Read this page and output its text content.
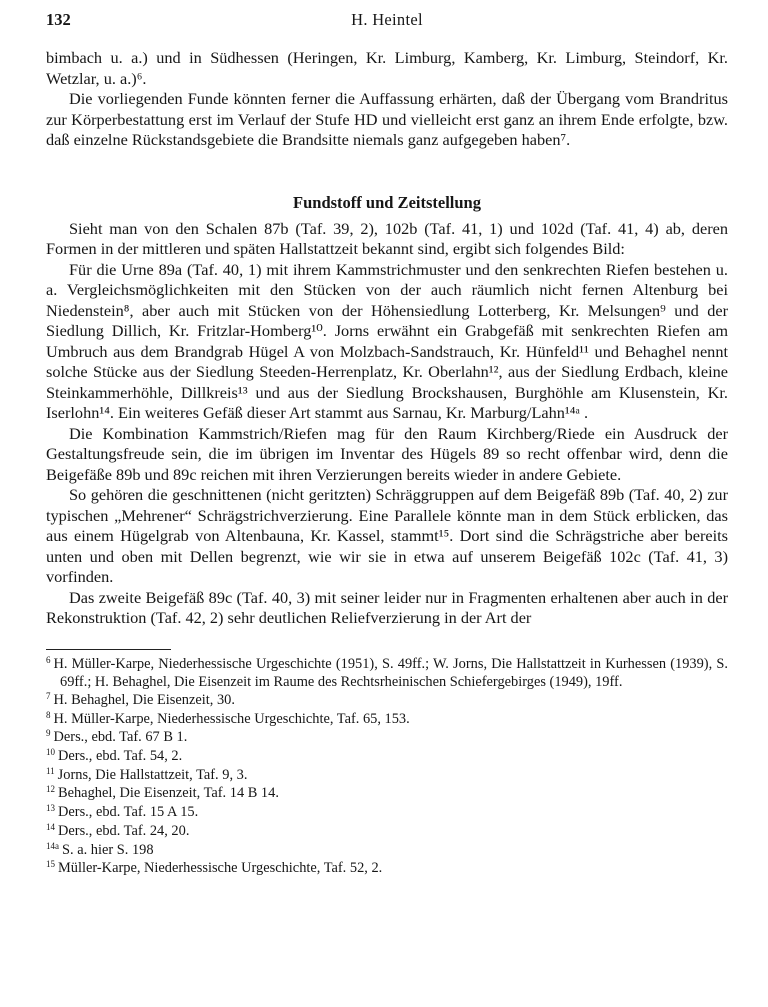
132	H. Heintel

bimbach u. a.) und in Südhessen (Heringen, Kr. Limburg, Kamberg, Kr. Limburg, Steindorf, Kr. Wetzlar, u. a.)⁶.

Die vorliegenden Funde könnten ferner die Auffassung erhärten, daß der Übergang vom Brandritus zur Körperbestattung erst im Verlauf der Stufe HD und vielleicht erst ganz an ihrem Ende erfolgte, bzw. daß einzelne Rückstandsgebiete die Brandsitte niemals ganz aufgegeben haben⁷.

Fundstoff und Zeitstellung

Sieht man von den Schalen 87b (Taf. 39, 2), 102b (Taf. 41, 1) und 102d (Taf. 41, 4) ab, deren Formen in der mittleren und späten Hallstattzeit bekannt sind, ergibt sich folgendes Bild:

Für die Urne 89a (Taf. 40, 1) mit ihrem Kammstrichmuster und den senkrechten Riefen bestehen u. a. Vergleichsmöglichkeiten mit den Stücken von der auch räumlich nicht fernen Altenburg bei Niedenstein⁸, aber auch mit Stücken von der Höhensiedlung Lotterberg, Kr. Melsungen⁹ und der Siedlung Dillich, Kr. Fritzlar-Homberg¹⁰. Jorns erwähnt ein Grabgefäß mit senkrechten Riefen am Umbruch aus dem Brandgrab Hügel A von Molzbach-Sandstrauch, Kr. Hünfeld¹¹ und Behaghel nennt solche Stücke aus der Siedlung Steeden-Herrenplatz, Kr. Oberlahn¹², aus der Siedlung Erdbach, kleine Steinkammerhöhle, Dillkreis¹³ und aus der Siedlung Brockshausen, Burghöhle am Klusenstein, Kr. Iserlohn¹⁴. Ein weiteres Gefäß dieser Art stammt aus Sarnau, Kr. Marburg/Lahn¹⁴ᵃ .

Die Kombination Kammstrich/Riefen mag für den Raum Kirchberg/Riede ein Ausdruck der Gestaltungsfreude sein, die im übrigen im Inventar des Hügels 89 so recht offenbar wird, denn die Beigefäße 89b und 89c reichen mit ihren Verzierungen bereits wieder in andere Gebiete.

So gehören die geschnittenen (nicht geritzten) Schräggruppen auf dem Beigefäß 89b (Taf. 40, 2) zur typischen „Mehrener“ Schrägstrichverzierung. Eine Parallele könnte man in dem Stück erblicken, das aus einem Hügelgrab von Altenbauna, Kr. Kassel, stammt¹⁵. Dort sind die Schrägstriche aber bereits unten und oben mit Dellen begrenzt, wie wir sie in etwa auf unserem Beigefäß 102c (Taf. 41, 3) vorfinden.

Das zweite Beigefäß 89c (Taf. 40, 3) mit seiner leider nur in Fragmenten erhaltenen aber auch in der Rekonstruktion (Taf. 42, 2) sehr deutlichen Reliefverzierung in der Art der

$^6$ H. Müller-Karpe, Niederhessische Urgeschichte (1951), S. 49ff.; W. Jorns, Die Hallstattzeit in Kurhessen (1939), S. 69ff.; H. Behaghel, Die Eisenzeit im Raume des Rechtsrheinischen Schiefergebirges (1949), 19ff.
$^7$ H. Behaghel, Die Eisenzeit, 30.
$^8$ H. Müller-Karpe, Niederhessische Urgeschichte, Taf. 65, 153.
$^9$ Ders., ebd. Taf. 67 B 1.
$^{10}$ Ders., ebd. Taf. 54, 2.
$^{11}$ Jorns, Die Hallstattzeit, Taf. 9, 3.
$^{12}$ Behaghel, Die Eisenzeit, Taf. 14 B 14.
$^{13}$ Ders., ebd. Taf. 15 A 15.
$^{14}$ Ders., ebd. Taf. 24, 20.
$^{14a}$ S. a. hier S. 198
$^{15}$ Müller-Karpe, Niederhessische Urgeschichte, Taf. 52, 2.
